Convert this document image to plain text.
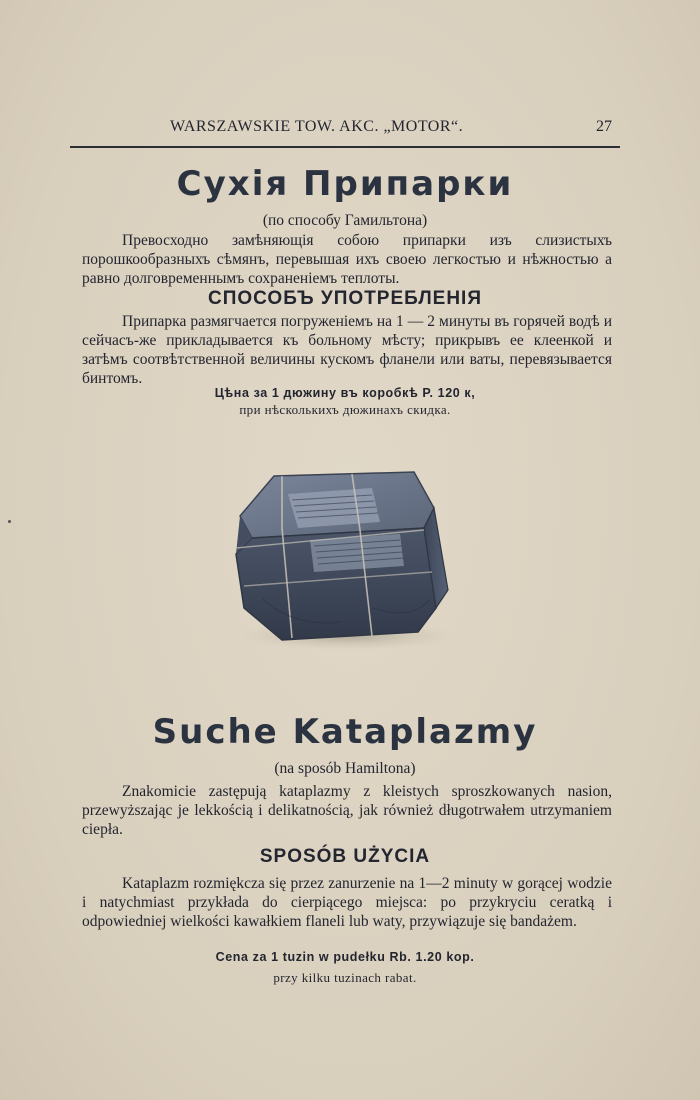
WARSZAWSKIE TOW. AKC. „MOTOR“.	27
Сухія Припарки
(по способу Гамильтона)
Превосходно замѣняющія собою припарки изъ слизистыхъ порошкообразныхъ сѣмянъ, перевышая ихъ своею легкостью и нѣжностью а равно долговременнымъ сохраненіемъ теплоты.
СПОСОБЪ УПОТРЕБЛЕНІЯ
Припарка размягчается погруженіемъ на 1 — 2 минуты въ горячей водѣ и сейчасъ-же прикладывается къ больному мѣсту; прикрывъ ее клеенкой и затѣмъ соотвѣтственной величины кускомъ фланели или ваты, перевязывается бинтомъ.
Цѣна за 1 дюжину въ коробкѣ Р. 120 к,
при нѣсколькихъ дюжинахъ скидка.
Suche Kataplazmy
(na sposób Hamiltona)
Znakomicie zastępują kataplazmy z kleistych sproszkowanych nasion, przewyższając je lekkością i delikatnością, jak również długotrwałem utrzymaniem ciepła.
SPOSÓB UŻYCIA
Kataplazm rozmiękcza się przez zanurzenie na 1—2 minuty w gorącej wodzie i natychmiast przykłada do cierpiącego miejsca: po przykryciu ceratką i odpowiedniej wielkości kawałkiem flaneli lub waty, przywiązuje się bandażem.
Cena za 1 tuzin w pudełku Rb. 1.20 kop.
przy kilku tuzinach rabat.
